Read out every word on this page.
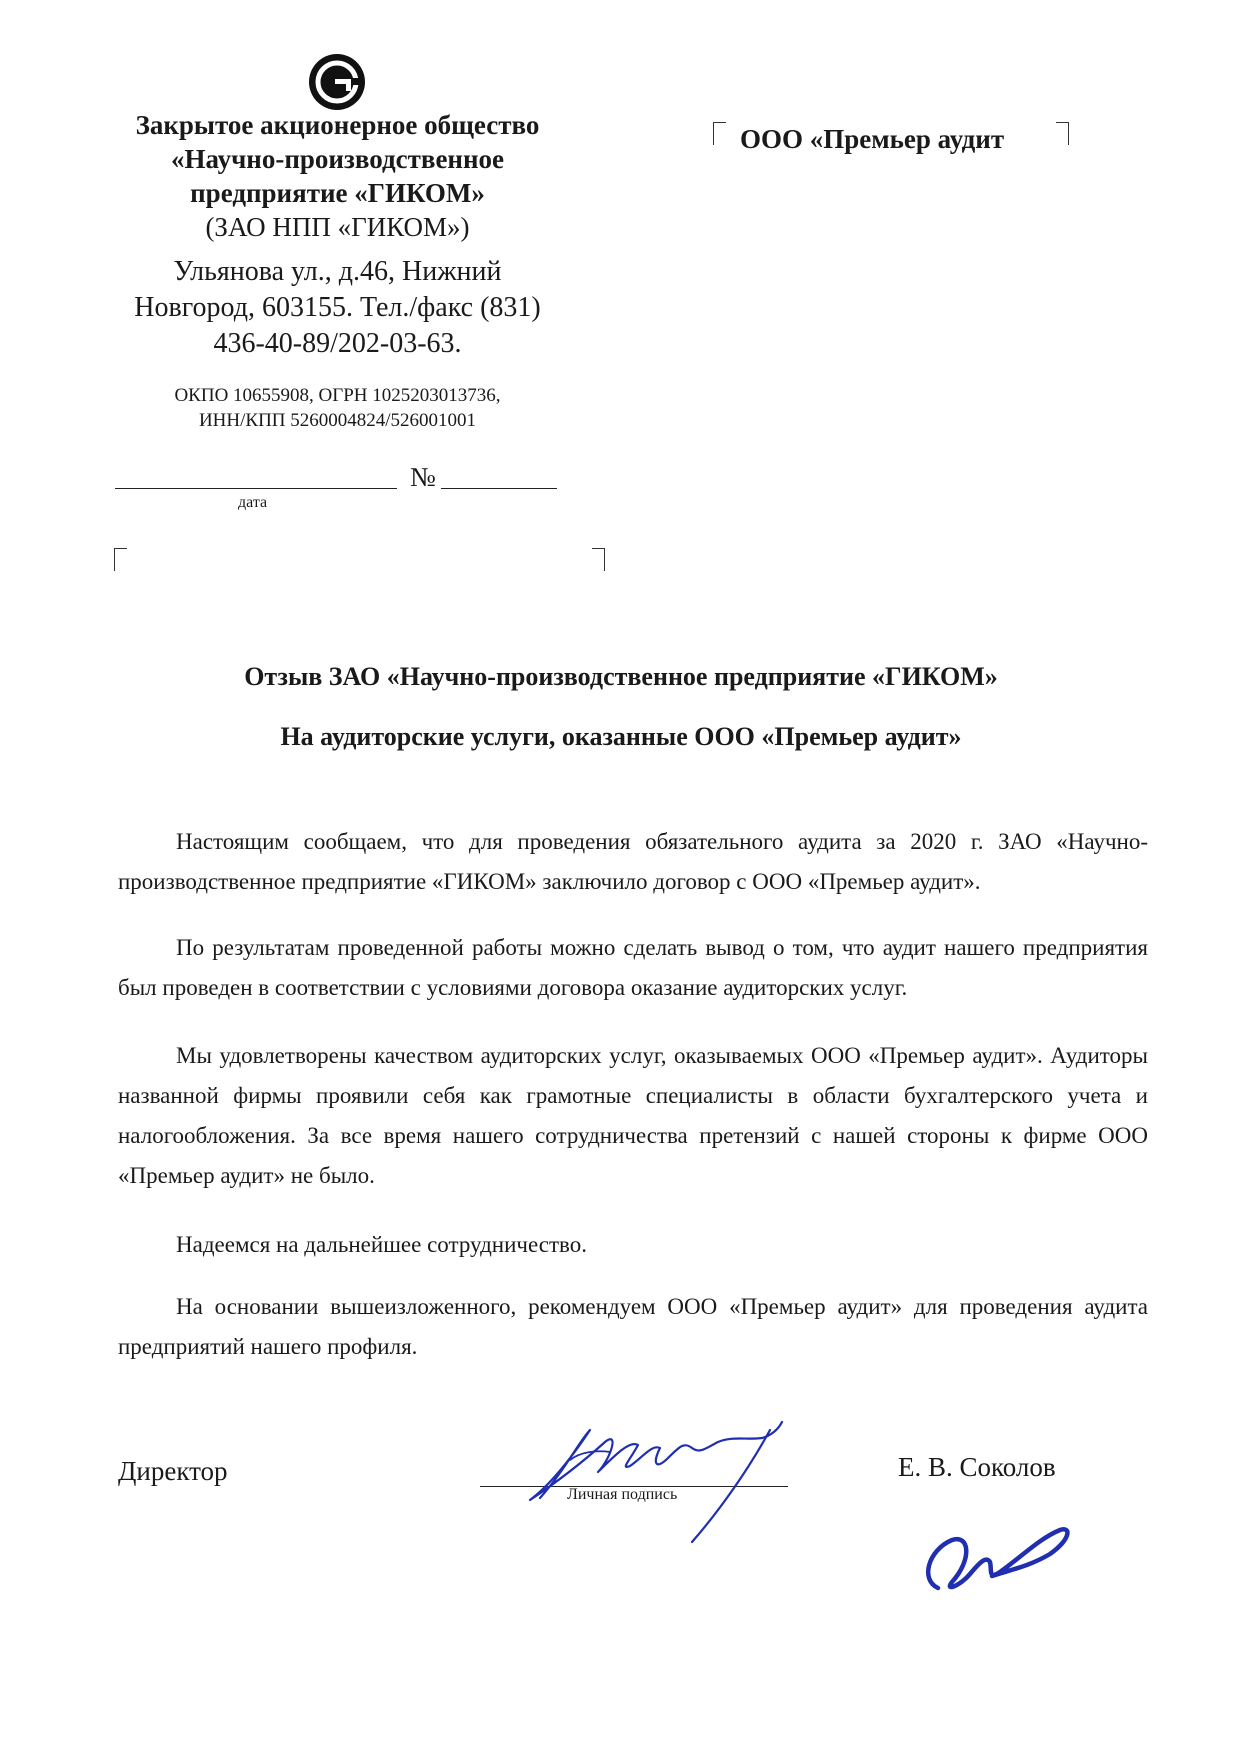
Закрытое акционерное общество
«Научно-производственное
предприятие «ГИКОМ»
(ЗАО НПП «ГИКОМ»)
Ульянова ул., д.46, Нижний
Новгород, 603155. Тел./факс (831)
436-40-89/202-03-63.
ОКПО 10655908, ОГРН 1025203013736,
ИНН/КПП 5260004824/526001001
№
дата
ООО «Премьер аудит
Отзыв ЗАО «Научно-производственное предприятие «ГИКОМ»
На аудиторские услуги, оказанные ООО «Премьер аудит»
Настоящим сообщаем, что для проведения обязательного аудита за 2020 г. ЗАО «Научно-производственное предприятие «ГИКОМ» заключило договор с ООО «Премьер аудит».
По результатам проведенной работы можно сделать вывод о том, что аудит нашего предприятия был проведен в соответствии с условиями договора оказание аудиторских услуг.
Мы удовлетворены качеством аудиторских услуг, оказываемых ООО «Премьер аудит». Аудиторы названной фирмы проявили себя как грамотные специалисты в области бухгалтерского учета и налогообложения. За все время нашего сотрудничества претензий с нашей стороны к фирме ООО «Премьер аудит» не было.
Надеемся на дальнейшее сотрудничество.
На основании вышеизложенного, рекомендуем ООО «Премьер аудит» для проведения аудита предприятий нашего профиля.
Директор
Личная подпись
Е. В. Соколов
